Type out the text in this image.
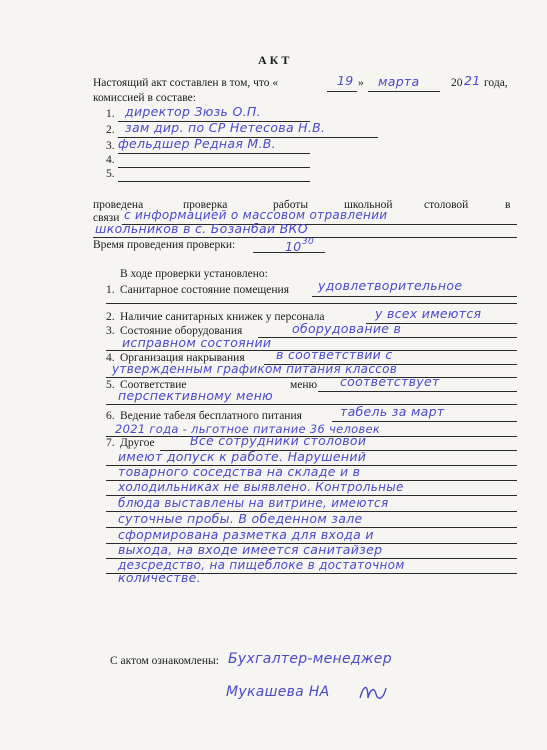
АКТ
Настоящий акт составлен в том, что «	»
19 марта	20 21 года,
комиссией в составе:
1. директор Зюзь О.П.
2. зам дир. по СР Нетесова Н.В.
3. фельдшер Редная М.В.
4.
5.
проведена	проверка	работы	школьной	столовой	в
связи с информацией о массовом отравлении
школьников в с. Бозанбай ВКО
Время проведения проверки:	10 30
В ходе проверки установлено:
1. Санитарное состояние помещения удовлетворительное
2. Наличие санитарных книжек у персонала	у всех имеются
3. Состояние оборудования	оборудование в
исправном состоянии
4. Организация накрывания	в соответствии с
утвержденным графиком питания классов
5. Соответствие	меню соответствует
перспективному меню
6. Ведение табеля бесплатного питания	табель за март
2021 года - льготное питание 36 человек
7. Другое	Все сотрудники столовой
имеют допуск к работе. Нарушений
товарного соседства на складе и в
холодильниках не выявлено. Контрольные
блюда выставлены на витрине, имеются
суточные пробы. В обеденном зале
сформирована разметка для входа и
выхода, на входе имеется санитайзер
дезсредство, на пищеблоке в достаточном
количестве.
С актом ознакомлены: Бухгалтер-менеджер
Мукашева НА
